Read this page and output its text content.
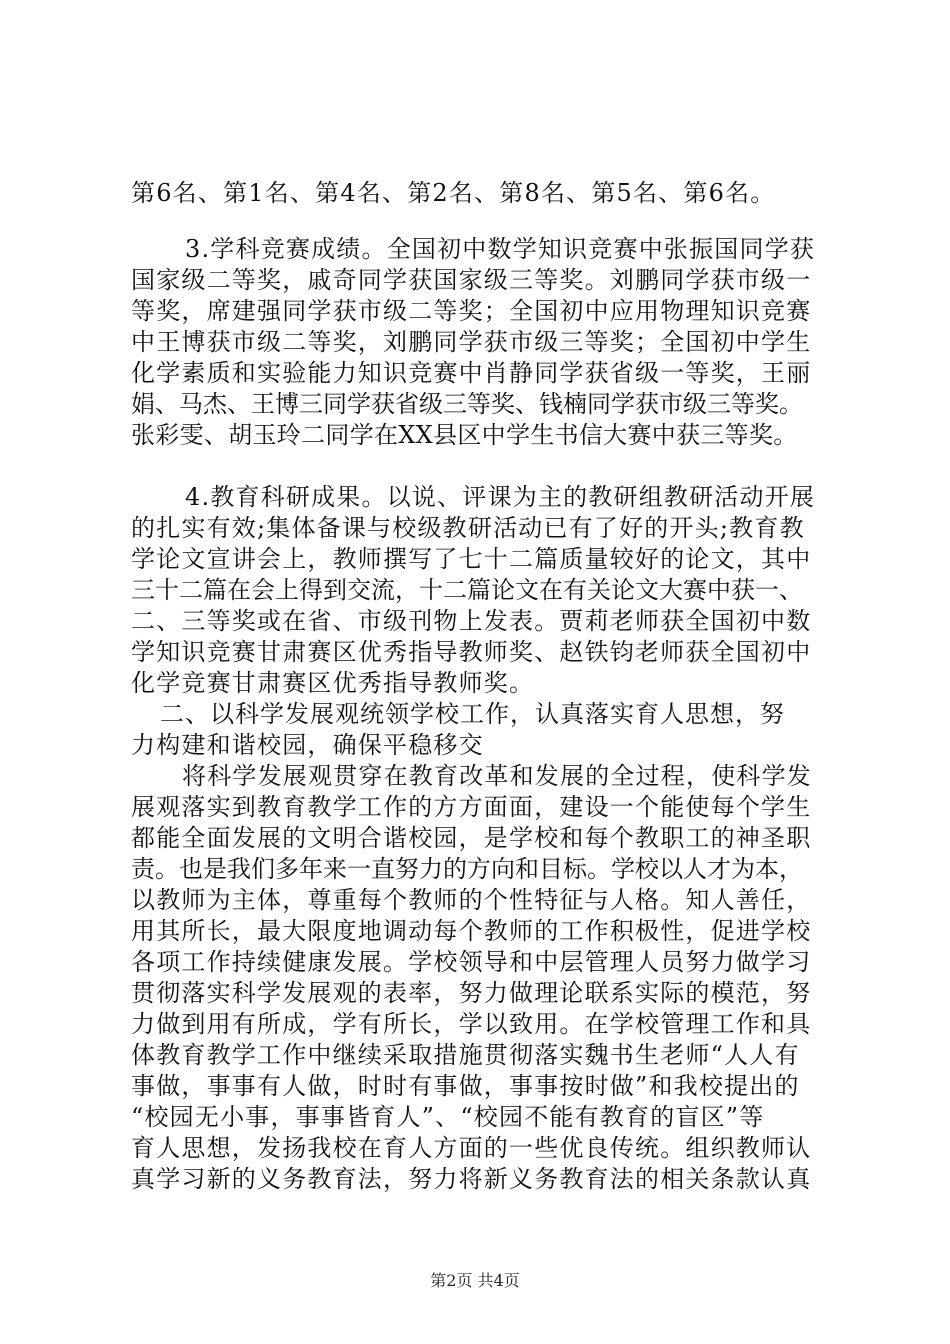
第6名、第1名、第4名、第2名、第8名、第5名、第6名。
3.学科竞赛成绩。全国初中数学知识竞赛中张振国同学获
国家级二等奖，戚奇同学获国家级三等奖。刘鹏同学获市级一
等奖，席建强同学获市级二等奖；全国初中应用物理知识竞赛
中王博获市级二等奖，刘鹏同学获市级三等奖；全国初中学生
化学素质和实验能力知识竞赛中肖静同学获省级一等奖，王丽
娟、马杰、王博三同学获省级三等奖、钱楠同学获市级三等奖。
张彩雯、胡玉玲二同学在XX县区中学生书信大赛中获三等奖。
4.教育科研成果。以说、评课为主的教研组教研活动开展
的扎实有效;集体备课与校级教研活动已有了好的开头;教育教
学论文宣讲会上，教师撰写了七十二篇质量较好的论文，其中
三十二篇在会上得到交流，十二篇论文在有关论文大赛中获一、
二、三等奖或在省、市级刊物上发表。贾莉老师获全国初中数
学知识竞赛甘肃赛区优秀指导教师奖、赵铁钧老师获全国初中
化学竞赛甘肃赛区优秀指导教师奖。
二、以科学发展观统领学校工作，认真落实育人思想，努
力构建和谐校园，确保平稳移交
将科学发展观贯穿在教育改革和发展的全过程，使科学发
展观落实到教育教学工作的方方面面，建设一个能使每个学生
都能全面发展的文明合谐校园，是学校和每个教职工的神圣职
责。也是我们多年来一直努力的方向和目标。学校以人才为本，
以教师为主体，尊重每个教师的个性特征与人格。知人善任，
用其所长，最大限度地调动每个教师的工作积极性，促进学校
各项工作持续健康发展。学校领导和中层管理人员努力做学习
贯彻落实科学发展观的表率，努力做理论联系实际的模范，努
力做到用有所成，学有所长，学以致用。在学校管理工作和具
体教育教学工作中继续采取措施贯彻落实魏书生老师“人人有
事做，事事有人做，时时有事做，事事按时做”和我校提出的
“校园无小事，事事皆育人”、“校园不能有教育的盲区”等
育人思想，发扬我校在育人方面的一些优良传统。组织教师认
真学习新的义务教育法，努力将新义务教育法的相关条款认真
第2页 共4页
